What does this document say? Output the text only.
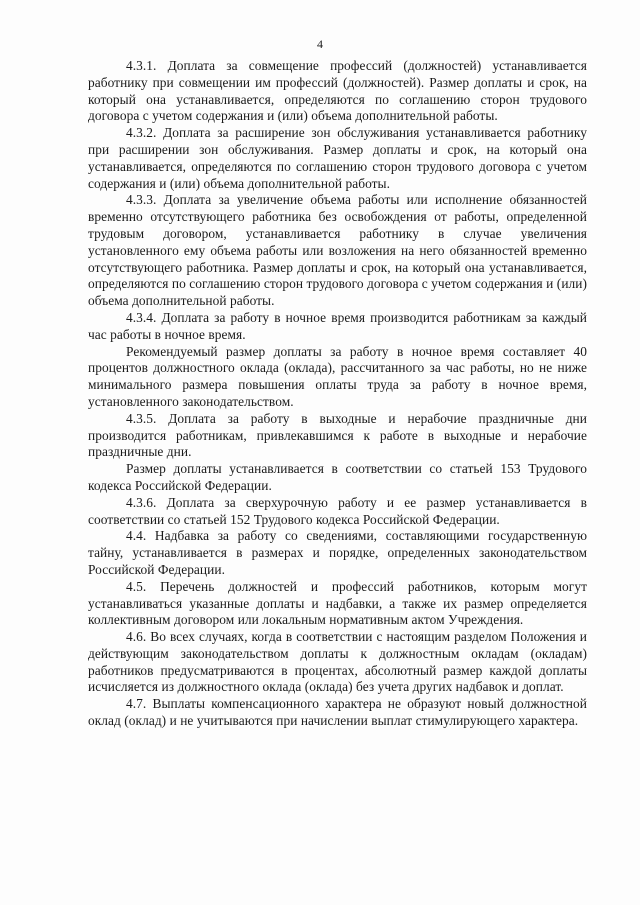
4

4.3.1. Доплата за совмещение профессий (должностей) устанавливается работнику при совмещении им профессий (должностей). Размер доплаты и срок, на который она устанавливается, определяются по соглашению сторон трудового договора с учетом содержания и (или) объема дополнительной работы.

4.3.2. Доплата за расширение зон обслуживания устанавливается работнику при расширении зон обслуживания. Размер доплаты и срок, на который она устанавливается, определяются по соглашению сторон трудового договора с учетом содержания и (или) объема дополнительной работы.

4.3.3. Доплата за увеличение объема работы или исполнение обязанностей временно отсутствующего работника без освобождения от работы, определенной трудовым договором, устанавливается работнику в случае увеличения установленного ему объема работы или возложения на него обязанностей временно отсутствующего работника. Размер доплаты и срок, на который она устанавливается, определяются по соглашению сторон трудового договора с учетом содержания и (или) объема дополнительной работы.

4.3.4. Доплата за работу в ночное время производится работникам за каждый час работы в ночное время.

Рекомендуемый размер доплаты за работу в ночное время составляет 40 процентов должностного оклада (оклада), рассчитанного за час работы, но не ниже минимального размера повышения оплаты труда за работу в ночное время, установленного законодательством.

4.3.5. Доплата за работу в выходные и нерабочие праздничные дни производится работникам, привлекавшимся к работе в выходные и нерабочие праздничные дни.

Размер доплаты устанавливается в соответствии со статьей 153 Трудового кодекса Российской Федерации.

4.3.6. Доплата за сверхурочную работу и ее размер устанавливается в соответствии со статьей 152 Трудового кодекса Российской Федерации.

4.4. Надбавка за работу со сведениями, составляющими государственную тайну, устанавливается в размерах и порядке, определенных законодательством Российской Федерации.

4.5. Перечень должностей и профессий работников, которым могут устанавливаться указанные доплаты и надбавки, а также их размер определяется коллективным договором или локальным нормативным актом Учреждения.

4.6. Во всех случаях, когда в соответствии с настоящим разделом Положения и действующим законодательством доплаты к должностным окладам (окладам) работников предусматриваются в процентах, абсолютный размер каждой доплаты исчисляется из должностного оклада (оклада) без учета других надбавок и доплат.

4.7. Выплаты компенсационного характера не образуют новый должностной оклад (оклад) и не учитываются при начислении выплат стимулирующего характера.
